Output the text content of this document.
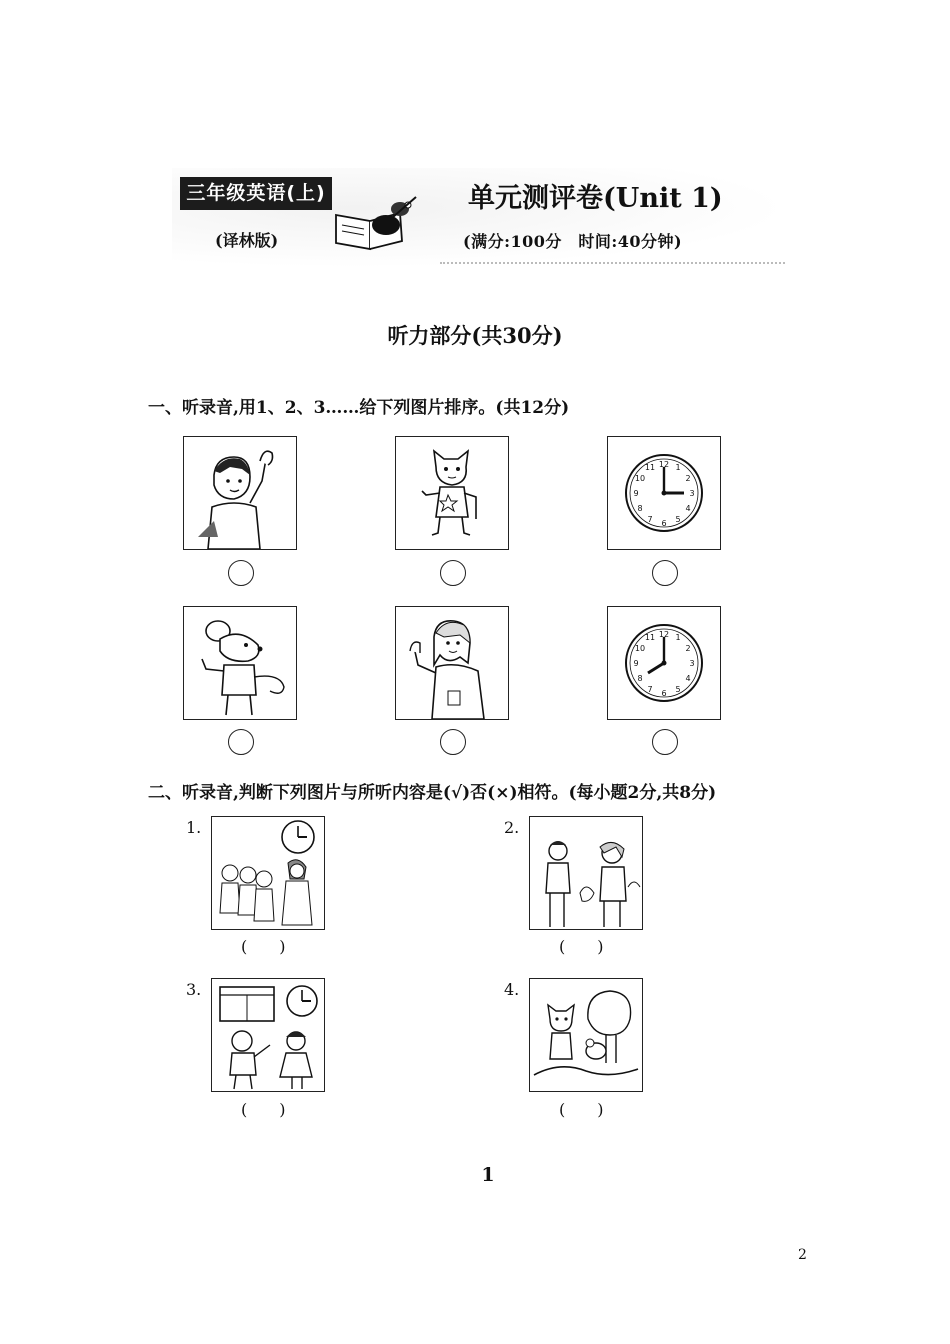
三年级英语(上)
(译林版)
单元测评卷(Unit 1)
(满分:100分　时间:40分钟)
听力部分(共30分)
一、听录音,用1、2、3……给下列图片排序。(共12分)
12 1
2
3
4
5
6
7
8
9
10
11
12 1
2
3
4
5
6
7
8
9
10
11
二、听录音,判断下列图片与所听内容是(√)否(×)相符。(每小题2分,共8分)
1.
(　　)
2.
(　　)
3.
(　　)
4.
(　　)
1
2
